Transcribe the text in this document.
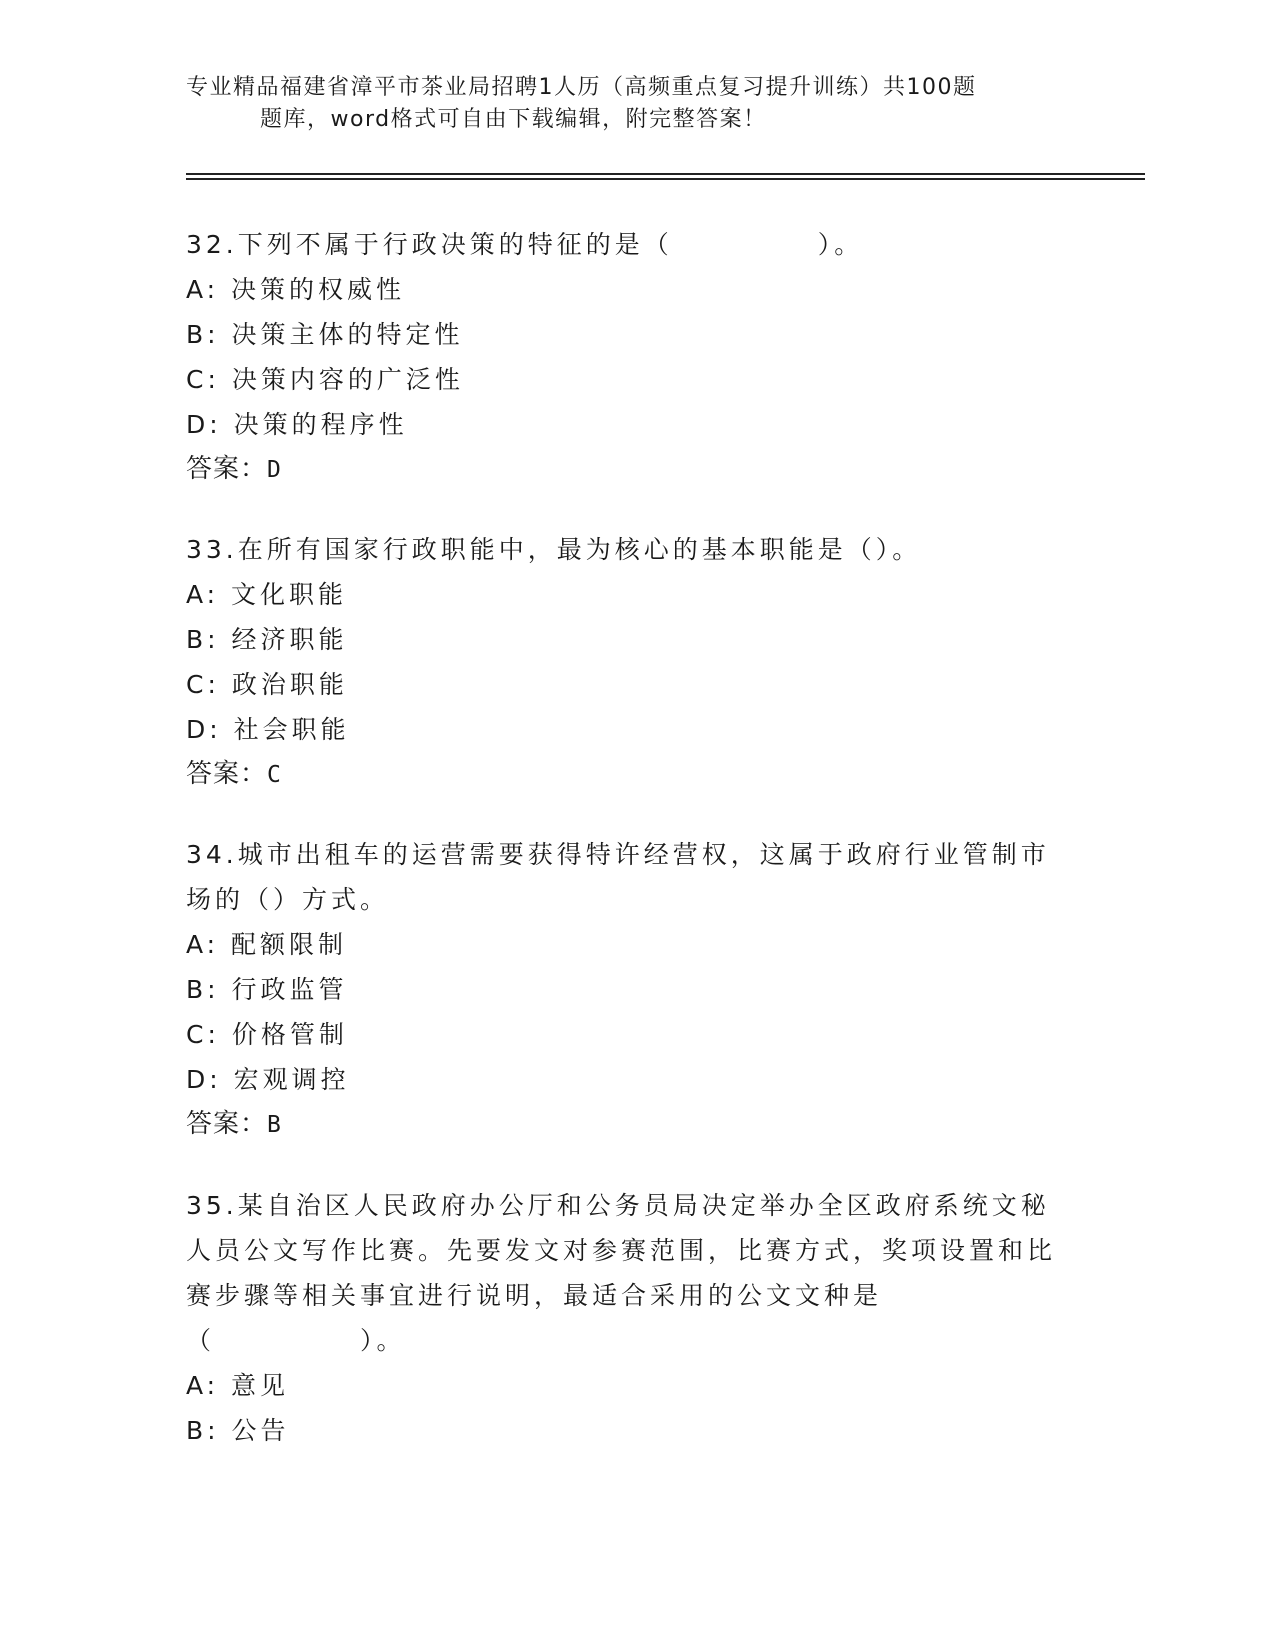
专业精品福建省漳平市茶业局招聘1人历（高频重点复习提升训练）共100题
题库，word格式可自由下载编辑，附完整答案！
32.下列不属于行政决策的特征的是（　　　　　）。
A: 决策的权威性
B: 决策主体的特定性
C: 决策内容的广泛性
D: 决策的程序性
答案：D
33.在所有国家行政职能中，最为核心的基本职能是（）。
A: 文化职能
B: 经济职能
C: 政治职能
D: 社会职能
答案：C
34.城市出租车的运营需要获得特许经营权，这属于政府行业管制市场的（）方式。
A: 配额限制
B: 行政监管
C: 价格管制
D: 宏观调控
答案：B
35.某自治区人民政府办公厅和公务员局决定举办全区政府系统文秘人员公文写作比赛。先要发文对参赛范围，比赛方式，奖项设置和比赛步骤等相关事宜进行说明，最适合采用的公文文种是（　　　　　）。
A: 意见
B: 公告
